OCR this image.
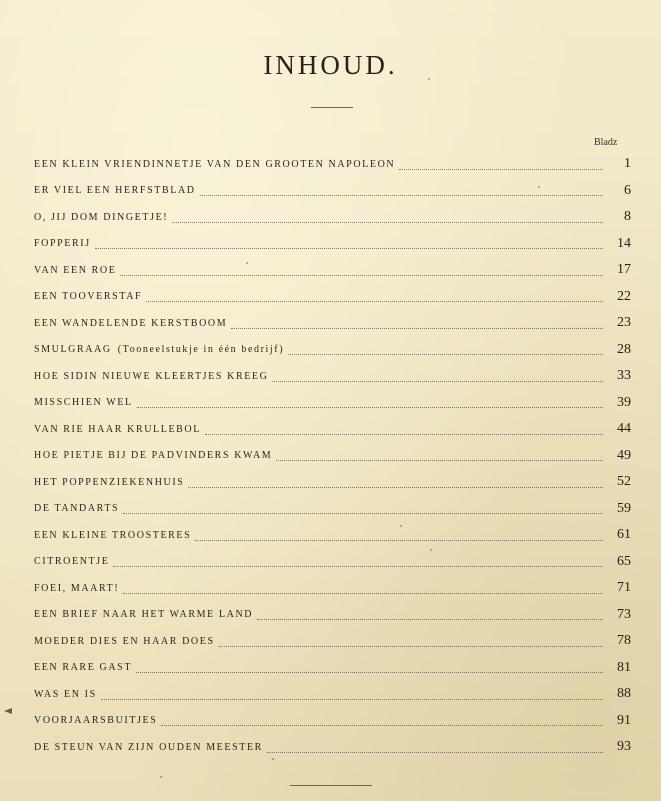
INHOUD.
Bladz
EEN KLEIN VRIENDINNETJE VAN DEN GROOTEN NAPOLEON	1
ER VIEL EEN HERFSTBLAD	6
O, JIJ DOM DINGETJE!	8
FOPPERIJ	14
VAN EEN ROE	17
EEN TOOVERSTAF	22
EEN WANDELENDE KERSTBOOM	23
SMULGRAAG (Tooneelstukje in één bedrijf)	28
HOE SIDIN NIEUWE KLEERTJES KREEG	33
MISSCHIEN WEL	39
VAN RIE HAAR KRULLEBOL	44
HOE PIETJE BIJ DE PADVINDERS KWAM	49
HET POPPENZIEKENHUIS	52
DE TANDARTS	59
EEN KLEINE TROOSTERES	61
CITROENTJE	65
FOEI, MAART!	71
EEN BRIEF NAAR HET WARME LAND	73
MOEDER DIES EN HAAR DOES	78
EEN RARE GAST	81
WAS EN IS	88
VOORJAARSBUITJES	91
DE STEUN VAN ZIJN OUDEN MEESTER	93
